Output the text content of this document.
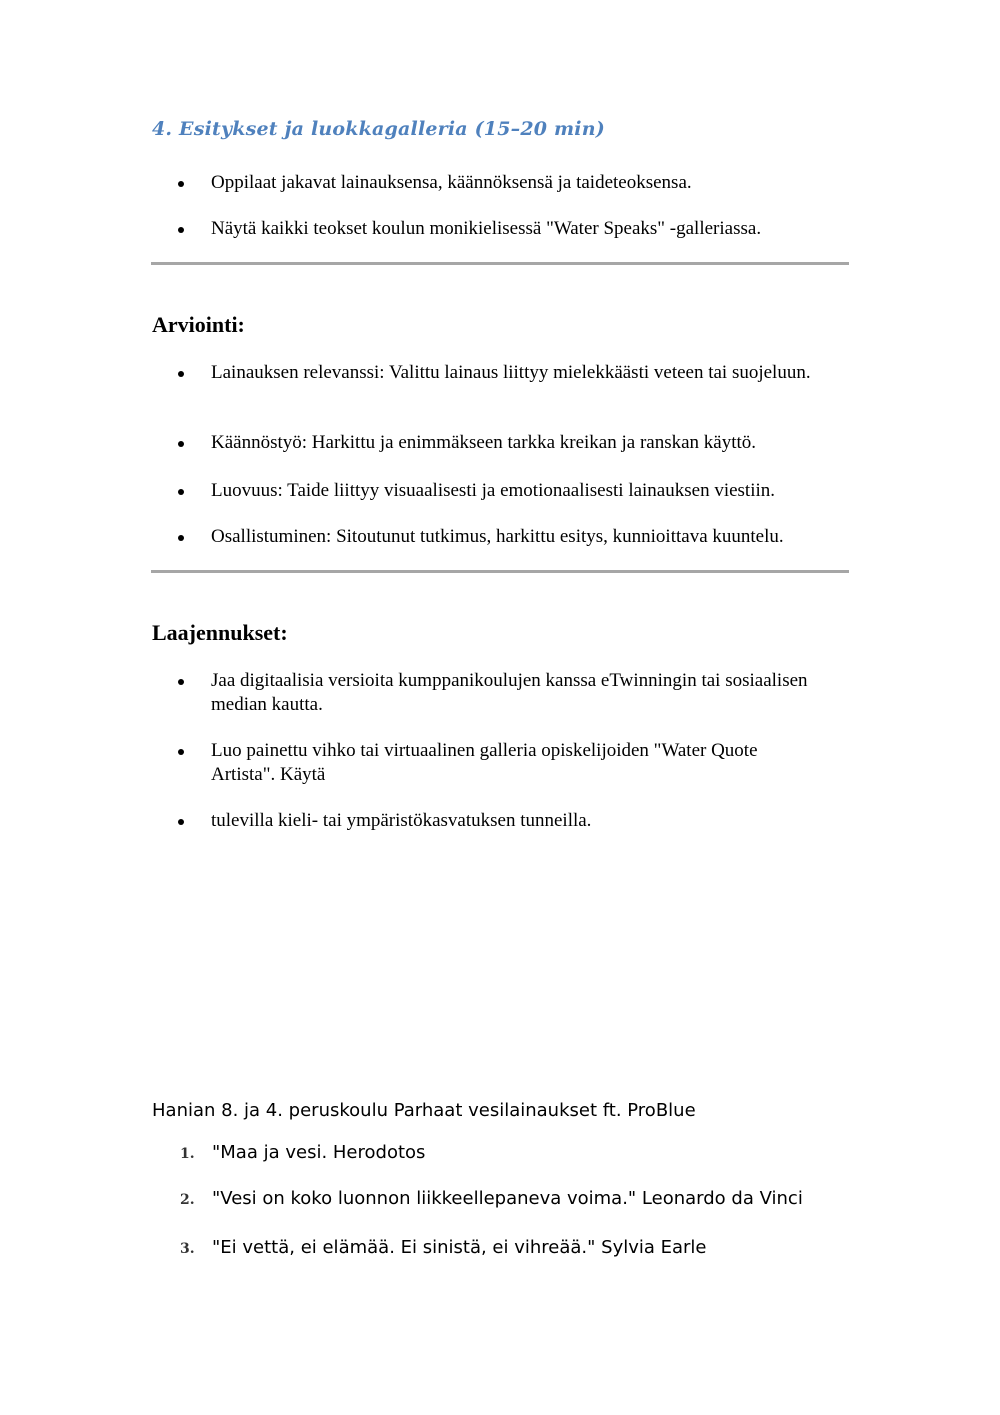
4. Esitykset ja luokkagalleria (15–20 min)
Oppilaat jakavat lainauksensa, käännöksensä ja taideteoksensa.
Näytä kaikki teokset koulun monikielisessä "Water Speaks" -galleriassa.
Arviointi:
Lainauksen relevanssi: Valittu lainaus liittyy mielekkäästi veteen tai suojeluun.
Käännöstyö: Harkittu ja enimmäkseen tarkka kreikan ja ranskan käyttö.
Luovuus: Taide liittyy visuaalisesti ja emotionaalisesti lainauksen viestiin.
Osallistuminen: Sitoutunut tutkimus, harkittu esitys, kunnioittava kuuntelu.
Laajennukset:
Jaa digitaalisia versioita kumppanikoulujen kanssa eTwinningin tai sosiaalisen median kautta.
Luo painettu vihko tai virtuaalinen galleria opiskelijoiden "Water Quote Artista". Käytä
tulevilla kieli- tai ympäristökasvatuksen tunneilla.

Hanian 8. ja 4. peruskoulu Parhaat vesilainaukset ft. ProBlue

1. "Maa ja vesi. Herodotos
2. "Vesi on koko luonnon liikkeellepaneva voima." Leonardo da Vinci
3. "Ei vettä, ei elämää. Ei sinistä, ei vihreää." Sylvia Earle
